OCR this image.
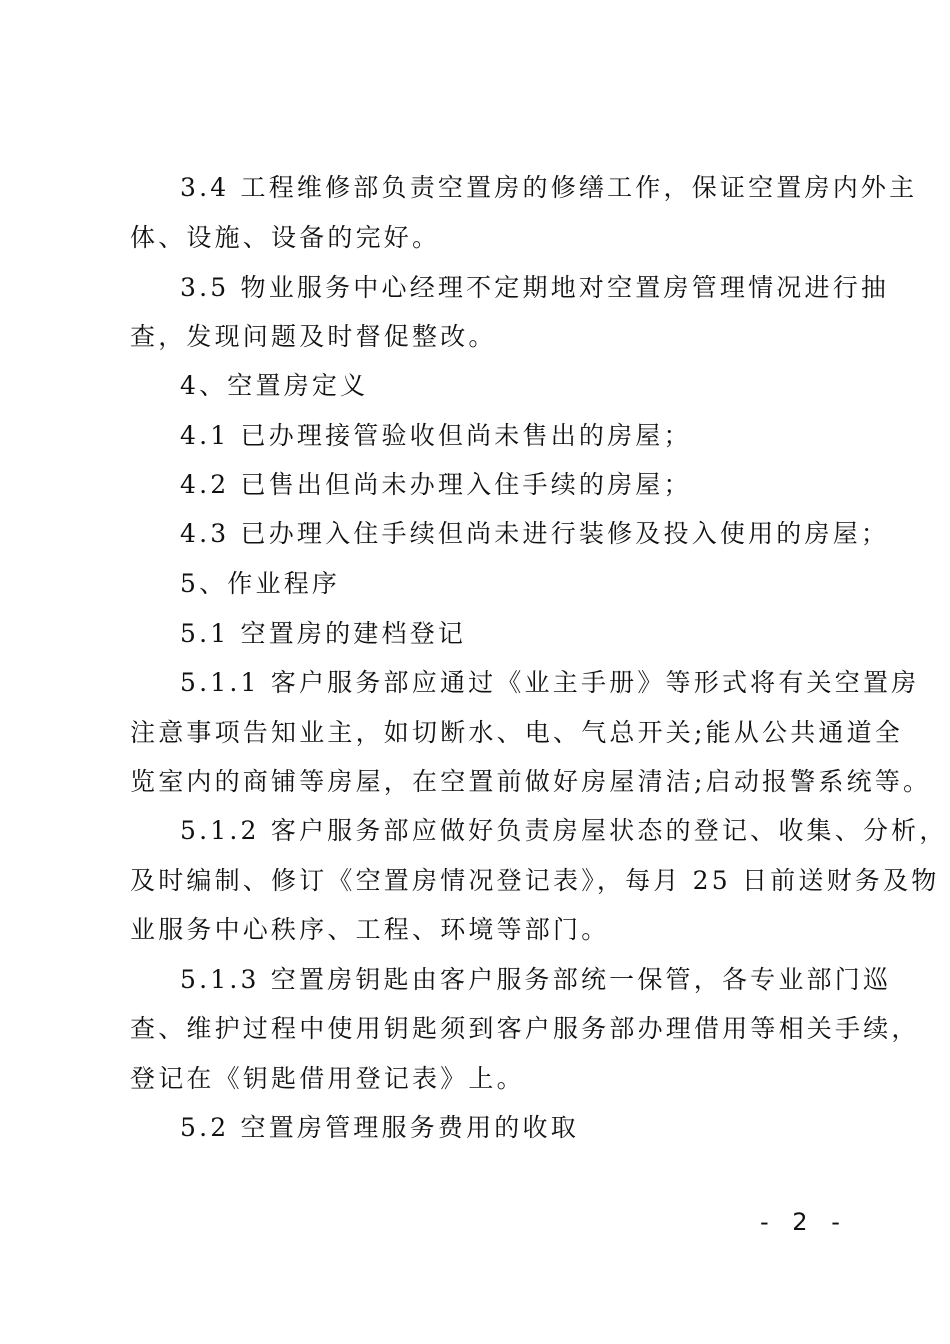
3.4 工程维修部负责空置房的修缮工作，保证空置房内外主
体、设施、设备的完好。
3.5 物业服务中心经理不定期地对空置房管理情况进行抽
查，发现问题及时督促整改。
4、空置房定义
4.1 已办理接管验收但尚未售出的房屋；
4.2 已售出但尚未办理入住手续的房屋；
4.3 已办理入住手续但尚未进行装修及投入使用的房屋；
5、作业程序
5.1 空置房的建档登记
5.1.1 客户服务部应通过《业主手册》等形式将有关空置房
注意事项告知业主，如切断水、电、气总开关;能从公共通道全
览室内的商铺等房屋，在空置前做好房屋清洁;启动报警系统等。
5.1.2 客户服务部应做好负责房屋状态的登记、收集、分析，
及时编制、修订《空置房情况登记表》，每月 25 日前送财务及物
业服务中心秩序、工程、环境等部门。
5.1.3 空置房钥匙由客户服务部统一保管，各专业部门巡
查、维护过程中使用钥匙须到客户服务部办理借用等相关手续，
登记在《钥匙借用登记表》上。
5.2 空置房管理服务费用的收取
- 2 -
